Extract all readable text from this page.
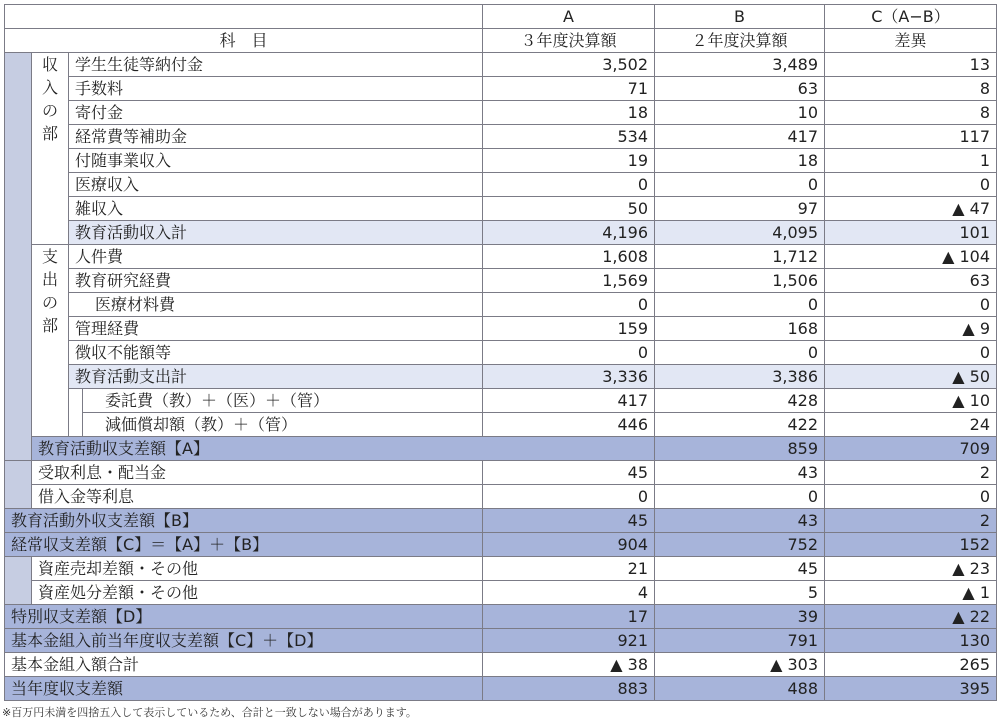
				A	B	C（A−B）	
科　目				３年度決算額	２年度決算額	差異	
	収
入
の
部	学生生徒等納付金		3,502	3,489	13	
		手数料		71	63	8	
		寄付金		18	10	8	
		経常費等補助金		534	417	117	
		付随事業収入		19	18	1	
		医療収入		0	0	0	
		雑収入		50	97	▲ 47	
		教育活動収入計		4,196	4,095	101	
	支
出
の
部	人件費		1,608	1,712	▲ 104	
		教育研究経費		1,569	1,506	63	
		医療材料費		0	0	0	
		管理経費		159	168	▲ 9	
		徴収不能額等		0	0	0	
		教育活動支出計		3,336	3,386	▲ 50	
			委託費（教）＋（医）＋（管）	417	428	▲ 10	
			減価償却額（教）＋（管）	446	422	24	
	教育活動収支差額【A】				859	709	
	受取利息・配当金			45	43	2	
	借入金等利息			0	0	0	
教育活動外収支差額【B】				45	43	2	
経常収支差額【C】＝【A】＋【B】				904	752	152	
	資産売却差額・その他			21	45	▲ 23	
	資産処分差額・その他			4	5	▲ 1	
特別収支差額【D】				17	39	▲ 22	
基本金組入前当年度収支差額【C】＋【D】				921	791	130	
基本金組入額合計				▲ 38	▲ 303	265	
当年度収支差額				883	488	395	
※百万円未満を四捨五入して表示しているため、合計と一致しない場合があります。
